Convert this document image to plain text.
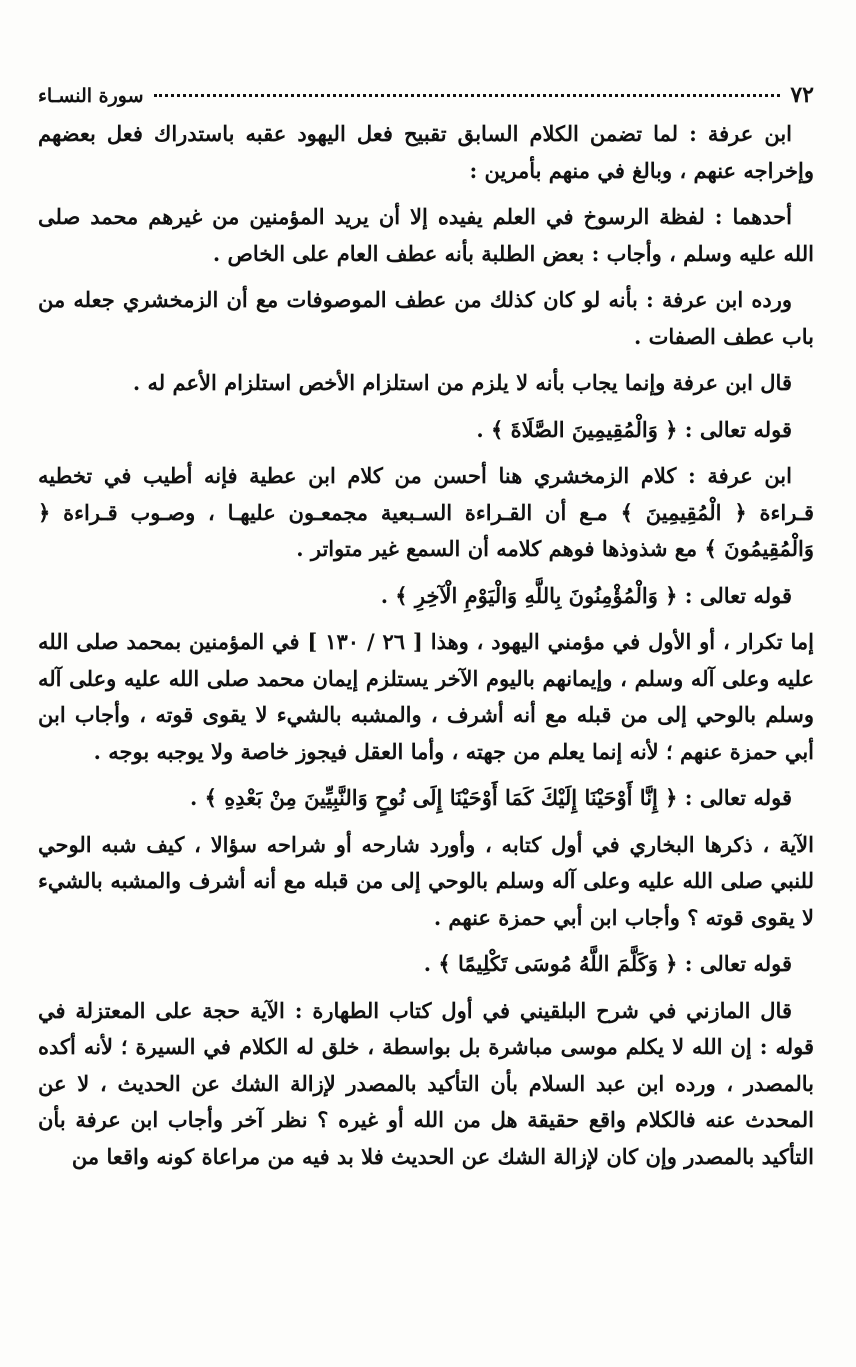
٧٢
سورة النسـاء

ابن عرفة : لما تضمن الكلام السابق تقبيح فعل اليهود عقبه باستدراك فعل بعضهم وإخراجه عنهم ، وبالغ في منهم بأمرين :

أحدهما : لفظة الرسوخ في العلم يفيده إلا أن يريد المؤمنين من غيرهم محمد صلى الله عليه وسلم ، وأجاب : بعض الطلبة بأنه عطف العام على الخاص .

ورده ابن عرفة : بأنه لو كان كذلك من عطف الموصوفات مع أن الزمخشري جعله من باب عطف الصفات .

قال ابن عرفة وإنما يجاب بأنه لا يلزم من استلزام الأخص استلزام الأعم له .

قوله تعالى : ﴿ وَالْمُقِيمِينَ الصَّلَاةَ ﴾ .

ابن عرفة : كلام الزمخشري هنا أحسن من كلام ابن عطية فإنه أطيب في تخطيه قـراءة ﴿ الْمُقِيمِينَ ﴾ مـع أن القـراءة السـبعية مجمعـون عليهـا ، وصـوب قـراءة ﴿ وَالْمُقِيمُونَ ﴾ مع شذوذها فوهم كلامه أن السمع غير متواتر .

قوله تعالى : ﴿ وَالْمُؤْمِنُونَ بِاللَّهِ وَالْيَوْمِ الْآخِرِ ﴾ .

إما تكرار ، أو الأول في مؤمني اليهود ، وهذا [ ٢٦ / ١٣٠ ] في المؤمنين بمحمد صلى الله عليه وعلى آله وسلم ، وإيمانهم باليوم الآخر يستلزم إيمان محمد صلى الله عليه وعلى آله وسلم بالوحي إلى من قبله مع أنه أشرف ، والمشبه بالشيء لا يقوى قوته ، وأجاب ابن أبي حمزة عنهم ؛ لأنه إنما يعلم من جهته ، وأما العقل فيجوز خاصة ولا يوجبه بوجه .

قوله تعالى : ﴿ إِنَّا أَوْحَيْنَا إِلَيْكَ كَمَا أَوْحَيْنَا إِلَى نُوحٍ وَالنَّبِيِّينَ مِنْ بَعْدِهِ ﴾ .

الآية ، ذكرها البخاري في أول كتابه ، وأورد شارحه أو شراحه سؤالا ، كيف شبه الوحي للنبي صلى الله عليه وعلى آله وسلم بالوحي إلى من قبله مع أنه أشرف والمشبه بالشيء لا يقوى قوته ؟ وأجاب ابن أبي حمزة عنهم .

قوله تعالى : ﴿ وَكَلَّمَ اللَّهُ مُوسَى تَكْلِيمًا ﴾ .

قال المازني في شرح البلقيني في أول كتاب الطهارة : الآية حجة على المعتزلة في قوله : إن الله لا يكلم موسى مباشرة بل بواسطة ، خلق له الكلام في السيرة ؛ لأنه أكده بالمصدر ، ورده ابن عبد السلام بأن التأكيد بالمصدر لإزالة الشك عن الحديث ، لا عن المحدث عنه فالكلام واقع حقيقة هل من الله أو غيره ؟ نظر آخر وأجاب ابن عرفة بأن التأكيد بالمصدر وإن كان لإزالة الشك عن الحديث فلا بد فيه من مراعاة كونه واقعا من
